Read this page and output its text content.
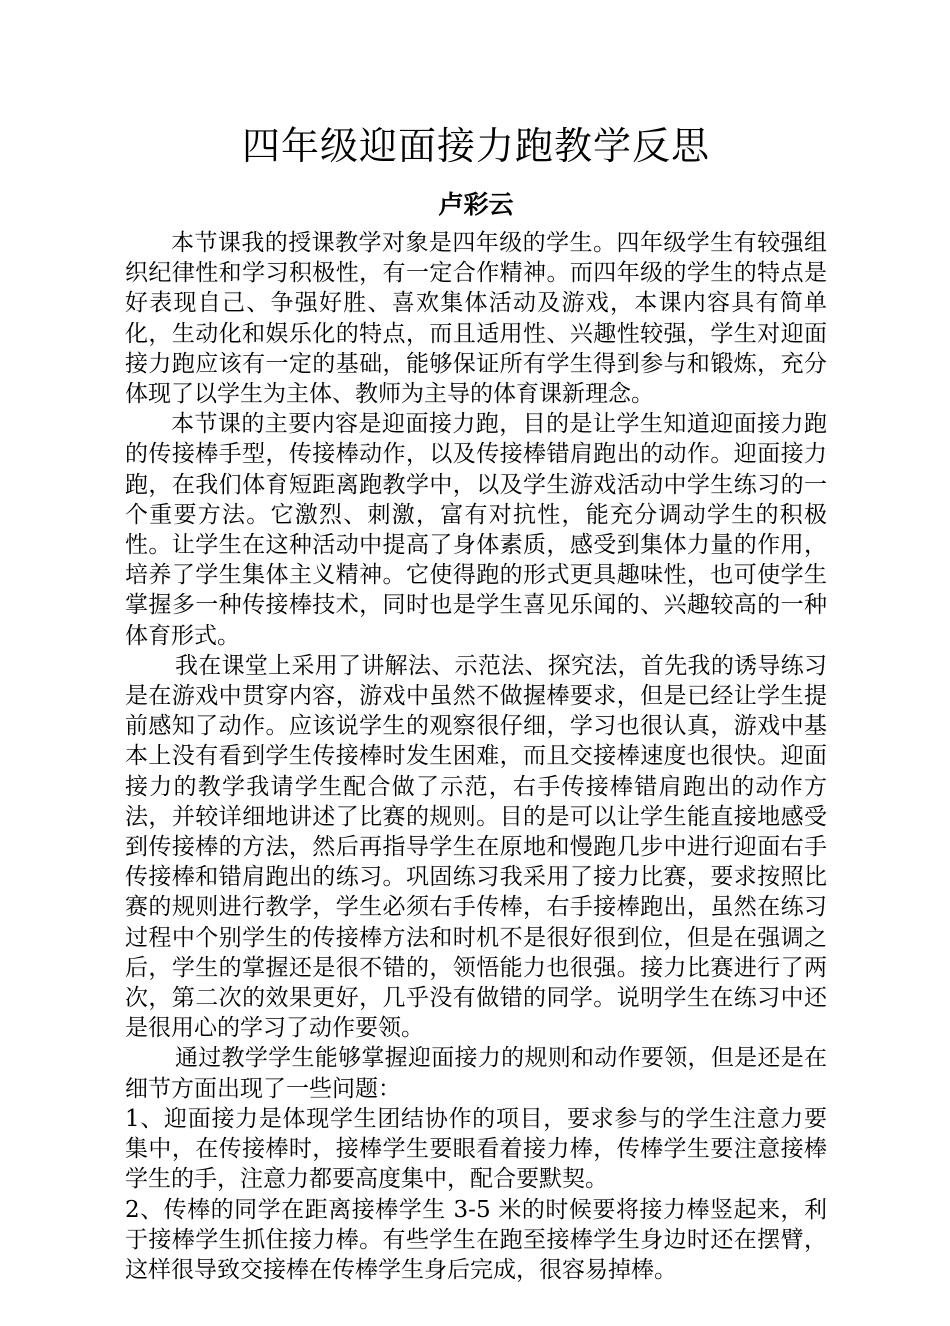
四年级迎面接力跑教学反思
卢彩云

本节课我的授课教学对象是四年级的学生。四年级学生有较强组织纪律性和学习积极性，有一定合作精神。而四年级的学生的特点是好表现自己、争强好胜、喜欢集体活动及游戏，本课内容具有简单化，生动化和娱乐化的特点，而且适用性、兴趣性较强，学生对迎面接力跑应该有一定的基础，能够保证所有学生得到参与和锻炼，充分体现了以学生为主体、教师为主导的体育课新理念。

本节课的主要内容是迎面接力跑，目的是让学生知道迎面接力跑的传接棒手型，传接棒动作，以及传接棒错肩跑出的动作。迎面接力跑，在我们体育短距离跑教学中，以及学生游戏活动中学生练习的一个重要方法。它激烈、刺激，富有对抗性，能充分调动学生的积极性。让学生在这种活动中提高了身体素质，感受到集体力量的作用，培养了学生集体主义精神。它使得跑的形式更具趣味性，也可使学生掌握多一种传接棒技术，同时也是学生喜见乐闻的、兴趣较高的一种体育形式。

我在课堂上采用了讲解法、示范法、探究法，首先我的诱导练习是在游戏中贯穿内容，游戏中虽然不做握棒要求，但是已经让学生提前感知了动作。应该说学生的观察很仔细，学习也很认真，游戏中基本上没有看到学生传接棒时发生困难，而且交接棒速度也很快。迎面接力的教学我请学生配合做了示范，右手传接棒错肩跑出的动作方法，并较详细地讲述了比赛的规则。目的是可以让学生能直接地感受到传接棒的方法，然后再指导学生在原地和慢跑几步中进行迎面右手传接棒和错肩跑出的练习。巩固练习我采用了接力比赛，要求按照比赛的规则进行教学，学生必须右手传棒，右手接棒跑出，虽然在练习过程中个别学生的传接棒方法和时机不是很好很到位，但是在强调之后，学生的掌握还是很不错的，领悟能力也很强。接力比赛进行了两次，第二次的效果更好，几乎没有做错的同学。说明学生在练习中还是很用心的学习了动作要领。

通过教学学生能够掌握迎面接力的规则和动作要领，但是还是在细节方面出现了一些问题：

1、迎面接力是体现学生团结协作的项目，要求参与的学生注意力要集中，在传接棒时，接棒学生要眼看着接力棒，传棒学生要注意接棒学生的手，注意力都要高度集中，配合要默契。

2、传棒的同学在距离接棒学生 3-5 米的时候要将接力棒竖起来，利于接棒学生抓住接力棒。有些学生在跑至接棒学生身边时还在摆臂，这样很导致交接棒在传棒学生身后完成，很容易掉棒。
